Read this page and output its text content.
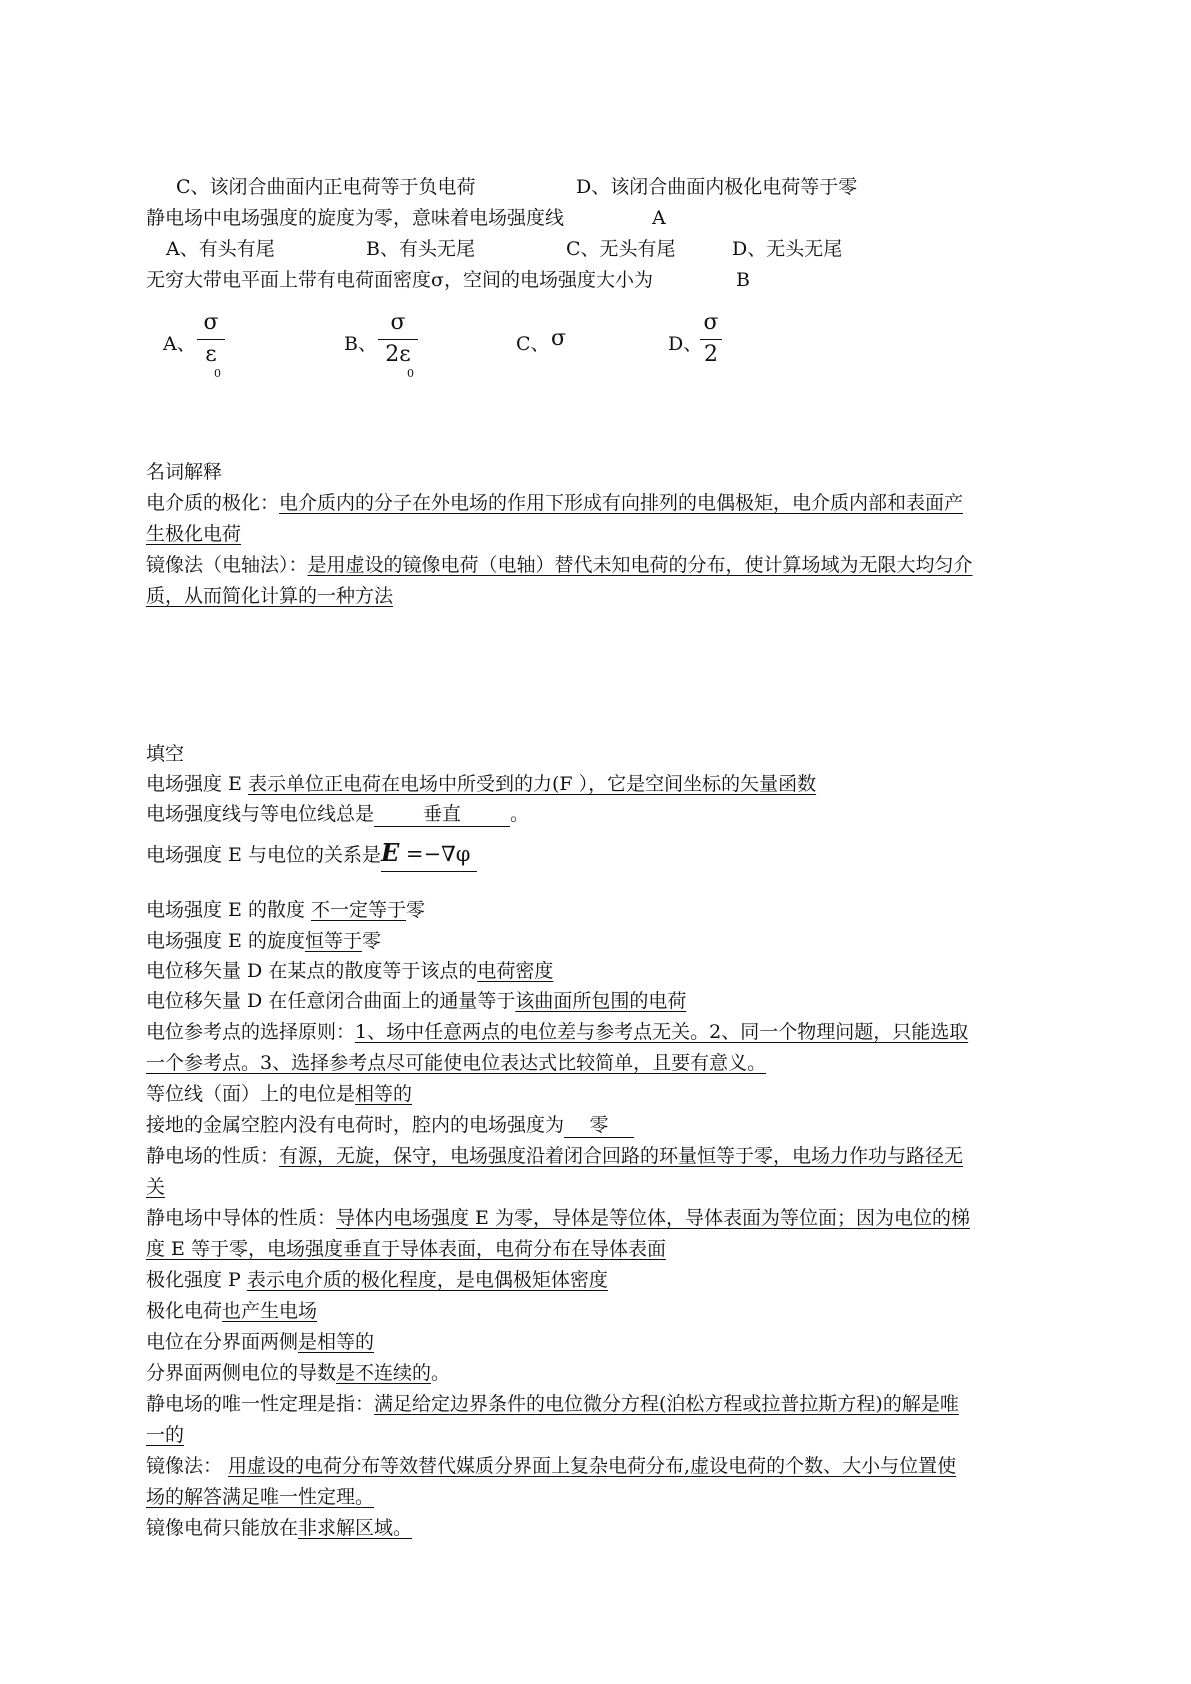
C、该闭合曲面内正电荷等于负电荷	D、该闭合曲面内极化电荷等于零
静电场中电场强度的旋度为零，意味着电场强度线	A
A、有头有尾	B、有头无尾	C、无头有尾	D、无头无尾
无穷大带电平面上带有电荷面密度σ，空间的电场强度大小为	B
A、
σ
ε
0
B、
σ
2ε
0
C、 σ	D、
σ
2
名词解释
电介质的极化：电介质内的分子在外电场的作用下形成有向排列的电偶极矩，电介质内部和表面产
生极化电荷
镜像法（电轴法）：是用虚设的镜像电荷（电轴）替代未知电荷的分布，使计算场域为无限大均匀介
质，从而简化计算的一种方法
填空
电场强度 E 表示单位正电荷在电场中所受到的力(F ），它是空间坐标的矢量函数
电场强度线与等电位线总是	垂直	。
电场强度 E 与电位的关系是E =−∇φ
电场强度 E 的散度 不一定等于零
电场强度 E 的旋度恒等于零
电位移矢量 D 在某点的散度等于该点的电荷密度
电位移矢量 D 在任意闭合曲面上的通量等于该曲面所包围的电荷
电位参考点的选择原则：1、场中任意两点的电位差与参考点无关。2、同一个物理问题，只能选取
一个参考点。3、选择参考点尽可能使电位表达式比较简单，且要有意义。
等位线（面）上的电位是相等的
接地的金属空腔内没有电荷时，腔内的电场强度为 零
静电场的性质：有源，无旋，保守，电场强度沿着闭合回路的环量恒等于零，电场力作功与路径无
关
静电场中导体的性质：导体内电场强度 E 为零，导体是等位体，导体表面为等位面；因为电位的梯
度 E 等于零，电场强度垂直于导体表面，电荷分布在导体表面
极化强度 P 表示电介质的极化程度，是电偶极矩体密度
极化电荷也产生电场
电位在分界面两侧是相等的
分界面两侧电位的导数是不连续的。
静电场的唯一性定理是指：满足给定边界条件的电位微分方程(泊松方程或拉普拉斯方程)的解是唯
一的
镜像法： 用虚设的电荷分布等效替代媒质分界面上复杂电荷分布,虚设电荷的个数、大小与位置使
场的解答满足唯一性定理。
镜像电荷只能放在非求解区域。
